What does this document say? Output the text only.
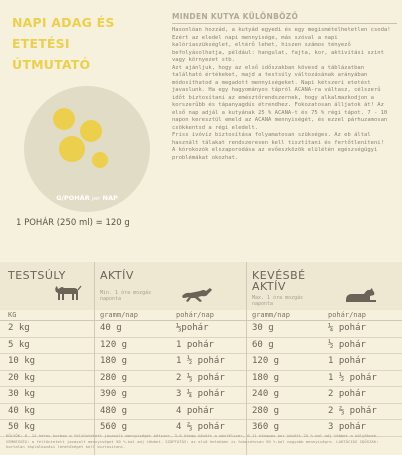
NAPI ADAG ÉS
ETETÉSI
ÚTMUTATÓ
G/POHÁR per NAP
1 POHÁR (250 ml) = 120 g
MINDEN KUTYA KÜLÖNBÖZŐ

Hasonlóan hozzád, a kutyád egyedi és egy megismételhetetlen csoda! Ezért az eledel napi mennyisége, más szóval a napi kalóriaszükséglet, eltérő lehet, hiszen számos tényező befolyásolhatja, például: hangulat, fajta, kor, aktivitási szint vagy környezet stb.

Azt ajánljuk, hogy az első időszakban kövesd a táblázatban található értékeket, majd a testsúly változásának arányában módosíthatod a megadott mennyiségeket. Napi kétszeri etetést javaslunk. Ha egy hagyományos tápról ACANA-ra váltasz, célszerű időt biztosítani az emésztőrendszernek, hogy alkalmazkodjon a korszerűbb és tápanyagdús étrendhez. Fokozatosan álljatok át! Az első nap adjál a kutyának 25 % ACANA-t és 75 % régi tápot. 7 - 10 napon keresztül emeld az ACANA mennyiségét, és ezzel párhuzamosan csökkentsd a régi eledelt.

Friss ivóvíz biztosítása folyamatosan szükséges. Az eb által használt tálakat rendszeresen kell tisztítani és fertőtleníteni!

A kórokozók elszaporodása az evőeszközök elülétén egészségügyi problémákat okozhat.

TESTSÚLY	AKTÍV
Min. 1 óra mozgás
naponta
KEVÉSBÉ
AKTÍV
Max. 1 óra mozgás
naponta
KG	gramm/nap	pohár/nap	gramm/nap	pohár/nap
2 kg	40 g	⅓pohár	30 g	¼ pohár
5 kg	120 g	1 pohár	60 g	½ pohár
10 kg	180 g	1 ½ pohár	120 g	1 pohár
20 kg	280 g	2 ⅓ pohár	180 g	1 ½ pohár
30 kg	390 g	3 ¼ pohár	240 g	2 pohár
40 kg	480 g	4 pohár	280 g	2 ⅔ pohár
50 kg	560 g	4 ⅔ pohár	360 g	3 pohár
KÖLYÖK: 6- 12 hetes korban a feltüntetett javasolt mennyiséget kétszer, 3-6 hónap között a másfélszer, 6-11 hónapos kor között 25 %-kal adj többet a kölyöknek. VEMHESSÉG: a feltüntetett javasolt mennyiséget 50 %-kal adj többet. SZOPTATÁS: az első hetekben is fokozatosan 50 %-kal nagyobb mennyiségre. LAKTÁCIÓS IDŐSZAK: kortalan táplálkozási lehetőséget kell biztosítani.
